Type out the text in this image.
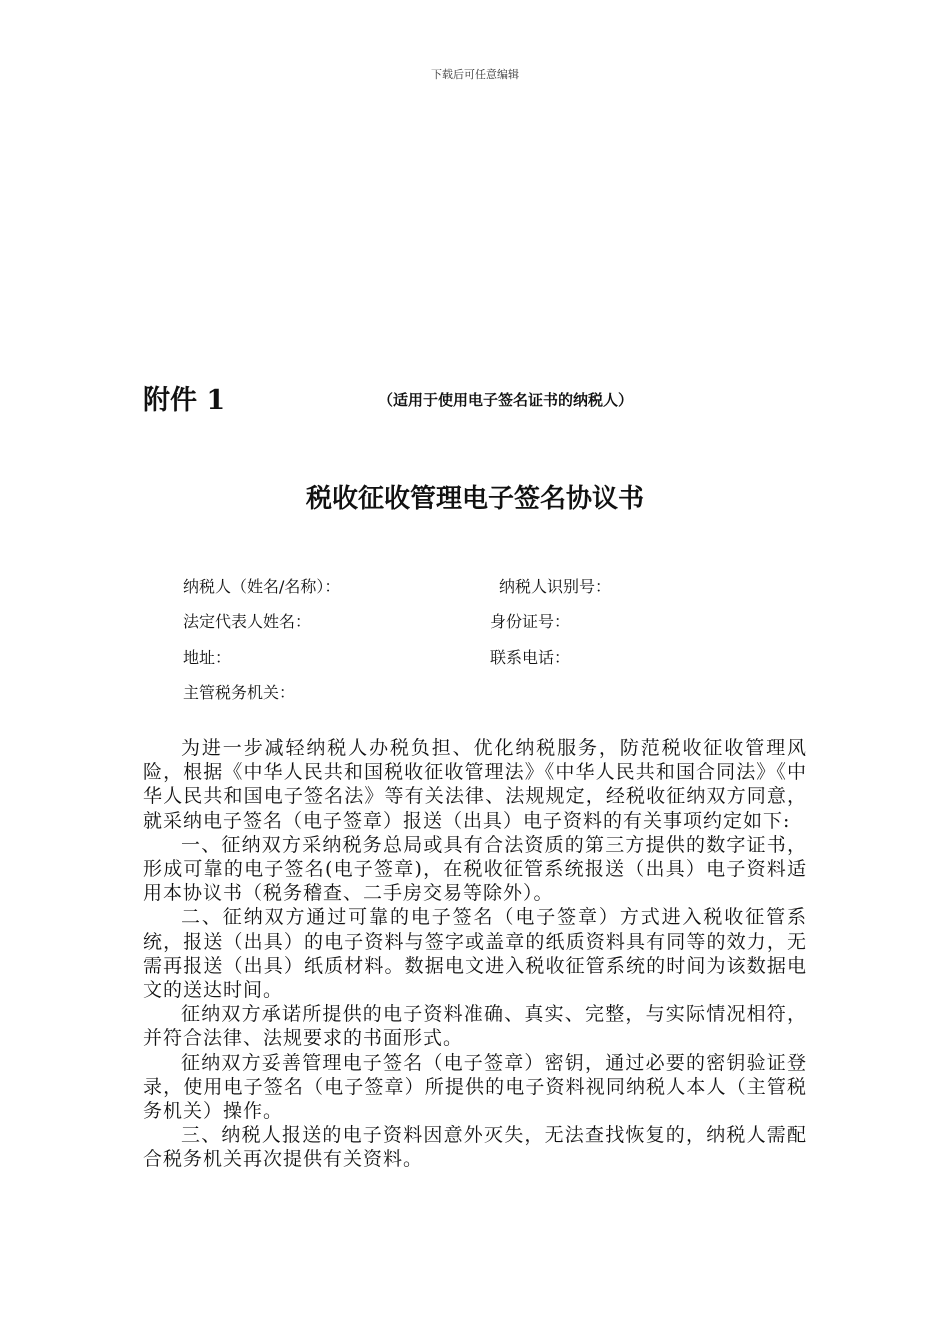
下载后可任意编辑
附件 1	（适用于使用电子签名证书的纳税人）
税收征收管理电子签名协议书
纳税人（姓名/名称）：	纳税人识别号：
法定代表人姓名：	身份证号：
地址：	联系电话：
主管税务机关：

为进一步减轻纳税人办税负担、优化纳税服务，防范税收征收管理风险，根据《中华人民共和国税收征收管理法》《中华人民共和国合同法》《中华人民共和国电子签名法》等有关法律、法规规定，经税收征纳双方同意，就采纳电子签名（电子签章）报送（出具）电子资料的有关事项约定如下:

一、征纳双方采纳税务总局或具有合法资质的第三方提供的数字证书，形成可靠的电子签名(电子签章)，在税收征管系统报送（出具）电子资料适用本协议书（税务稽查、二手房交易等除外）。

二、征纳双方通过可靠的电子签名（电子签章）方式进入税收征管系统，报送（出具）的电子资料与签字或盖章的纸质资料具有同等的效力，无需再报送（出具）纸质材料。数据电文进入税收征管系统的时间为该数据电文的送达时间。

征纳双方承诺所提供的电子资料准确、真实、完整，与实际情况相符，并符合法律、法规要求的书面形式。

征纳双方妥善管理电子签名（电子签章）密钥，通过必要的密钥验证登录，使用电子签名（电子签章）所提供的电子资料视同纳税人本人（主管税务机关）操作。

三、纳税人报送的电子资料因意外灭失，无法查找恢复的，纳税人需配合税务机关再次提供有关资料。
